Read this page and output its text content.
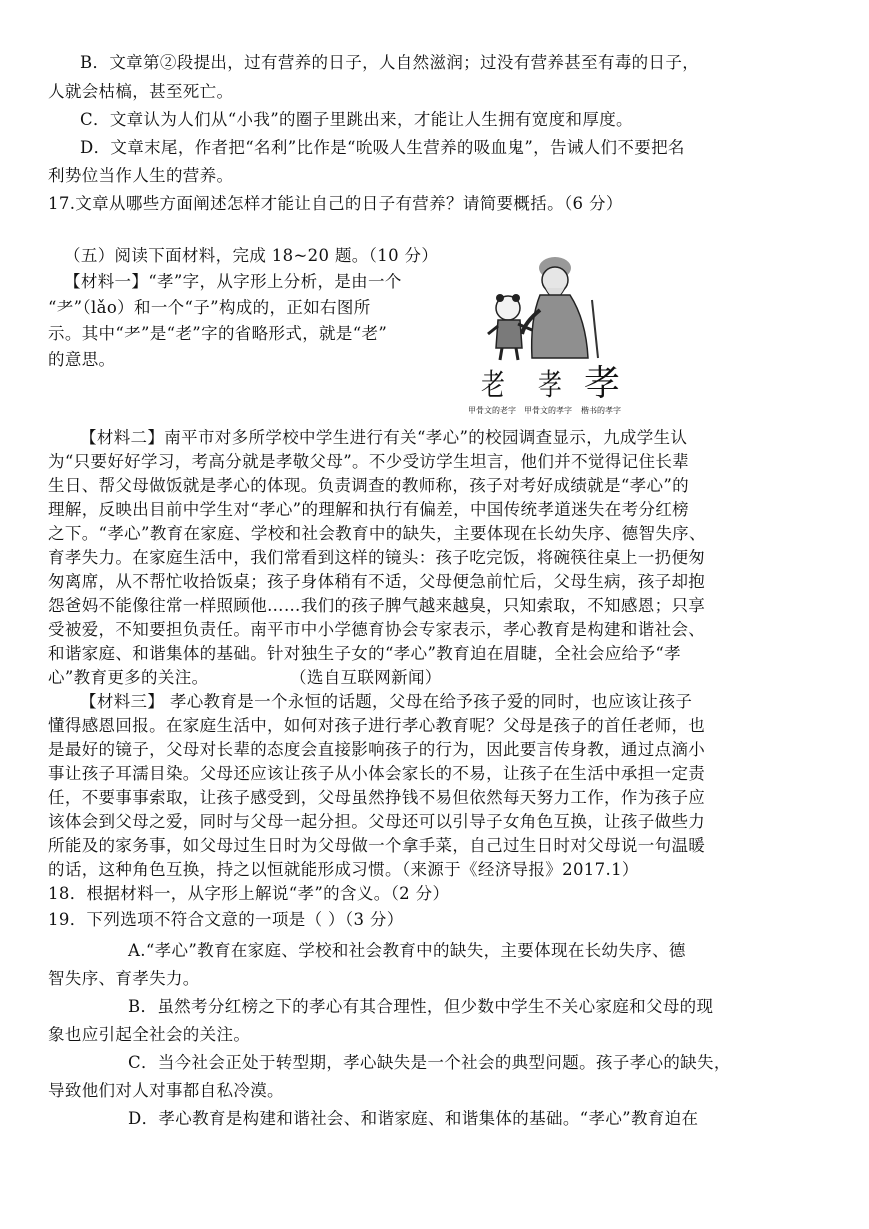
B．文章第②段提出，过有营养的日子，人自然滋润；过没有营养甚至有毒的日子，
人就会枯槁，甚至死亡。
C．文章认为人们从“小我”的圈子里跳出来，才能让人生拥有宽度和厚度。
D．文章末尾，作者把“名利”比作是“吮吸人生营养的吸血鬼”，告诫人们不要把名
利势位当作人生的营养。
17.文章从哪些方面阐述怎样才能让自己的日子有营养？请简要概括。（6 分）
（五）阅读下面材料，完成 18~20 题。（10 分）
【材料一】“孝”字，从字形上分析，是由一个
“耂”（lǎo）和一个“子”构成的，正如右图所
示。其中“耂”是“老”字的省略形式，就是“老”
的意思。
老 孝 孝
甲骨文的老字 甲骨文的孝字 楷书的孝字
【材料二】南平市对多所学校中学生进行有关“孝心”的校园调查显示，九成学生认
为“只要好好学习，考高分就是孝敬父母”。不少受访学生坦言，他们并不觉得记住长辈
生日、帮父母做饭就是孝心的体现。负责调查的教师称，孩子对考好成绩就是“孝心”的
理解，反映出目前中学生对“孝心”的理解和执行有偏差，中国传统孝道迷失在考分红榜
之下。“孝心”教育在家庭、学校和社会教育中的缺失，主要体现在长幼失序、德智失序、
育孝失力。在家庭生活中，我们常看到这样的镜头：孩子吃完饭，将碗筷往桌上一扔便匆
匆离席，从不帮忙收拾饭桌；孩子身体稍有不适，父母便急前忙后，父母生病，孩子却抱
怨爸妈不能像往常一样照顾他……我们的孩子脾气越来越臭，只知索取，不知感恩；只享
受被爱，不知要担负责任。南平市中小学德育协会专家表示，孝心教育是构建和谐社会、
和谐家庭、和谐集体的基础。针对独生子女的“孝心”教育迫在眉睫，全社会应给予“孝
心”教育更多的关注。	（选自互联网新闻）
【材料三】 孝心教育是一个永恒的话题，父母在给予孩子爱的同时，也应该让孩子
懂得感恩回报。在家庭生活中，如何对孩子进行孝心教育呢？父母是孩子的首任老师，也
是最好的镜子，父母对长辈的态度会直接影响孩子的行为，因此要言传身教，通过点滴小
事让孩子耳濡目染。父母还应该让孩子从小体会家长的不易，让孩子在生活中承担一定责
任，不要事事索取，让孩子感受到，父母虽然挣钱不易但依然每天努力工作，作为孩子应
该体会到父母之爱，同时与父母一起分担。父母还可以引导子女角色互换，让孩子做些力
所能及的家务事，如父母过生日时为父母做一个拿手菜，自己过生日时对父母说一句温暖
的话，这种角色互换，持之以恒就能形成习惯。（来源于《经济导报》2017.1）
18．根据材料一，从字形上解说“孝”的含义。（2 分）
19．下列选项不符合文意的一项是（ ）（3 分）
A.“孝心”教育在家庭、学校和社会教育中的缺失，主要体现在长幼失序、德
智失序、育孝失力。
B．虽然考分红榜之下的孝心有其合理性，但少数中学生不关心家庭和父母的现
象也应引起全社会的关注。
C．当今社会正处于转型期，孝心缺失是一个社会的典型问题。孩子孝心的缺失，
导致他们对人对事都自私冷漠。
D．孝心教育是构建和谐社会、和谐家庭、和谐集体的基础。“孝心”教育迫在
